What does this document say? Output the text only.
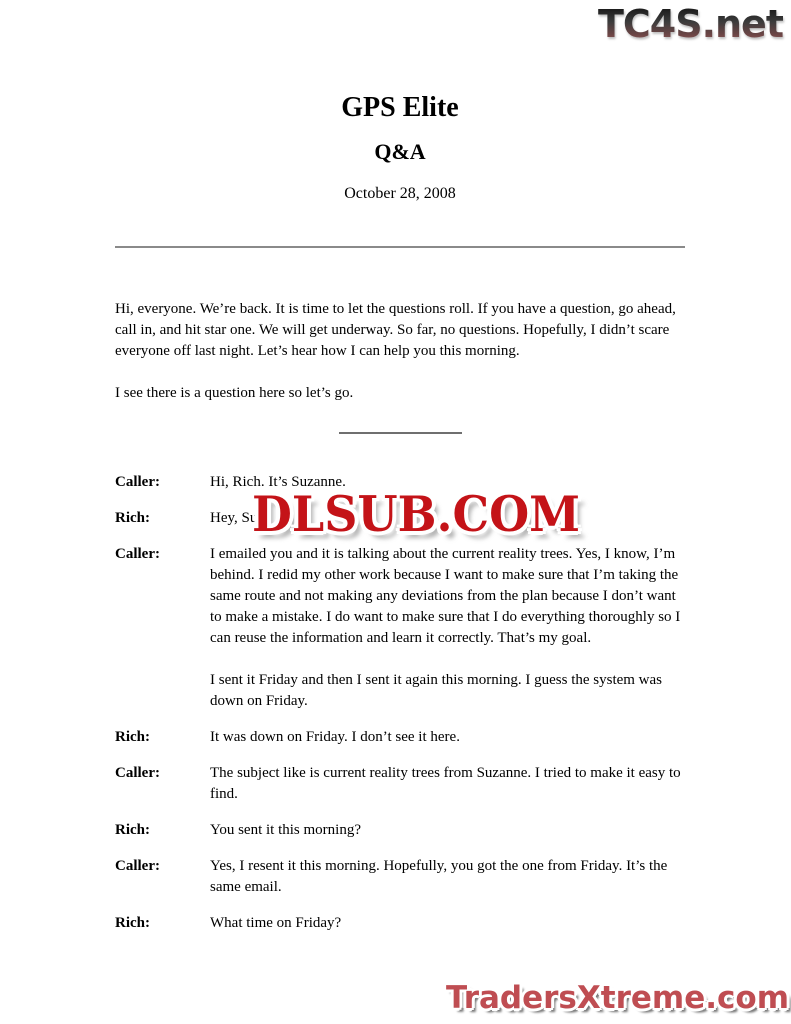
TC4S.net
GPS Elite
Q&A
October 28, 2008

Hi, everyone. We’re back. It is time to let the questions roll. If you have a question, go ahead, call in, and hit star one. We will get underway. So far, no questions. Hopefully, I didn’t scare everyone off last night. Let’s hear how I can help you this morning.

I see there is a question here so let’s go.

Caller:	Hi, Rich. It’s Suzanne.

Rich:	Hey, Su

Caller:	I emailed you and it is talking about the current reality trees. Yes, I know, I’m behind. I redid my other work because I want to make sure that I’m taking the same route and not making any deviations from the plan because I don’t want to make a mistake. I do want to make sure that I do everything thoroughly so I can reuse the information and learn it correctly. That’s my goal.

I sent it Friday and then I sent it again this morning. I guess the system was down on Friday.

Rich:	It was down on Friday. I don’t see it here.

Caller:	The subject like is current reality trees from Suzanne. I tried to make it easy to find.

Rich:	You sent it this morning?

Caller:	Yes, I resent it this morning. Hopefully, you got the one from Friday. It’s the same email.

Rich:	What time on Friday?

DLSUB.COM
TradersXtreme.com
